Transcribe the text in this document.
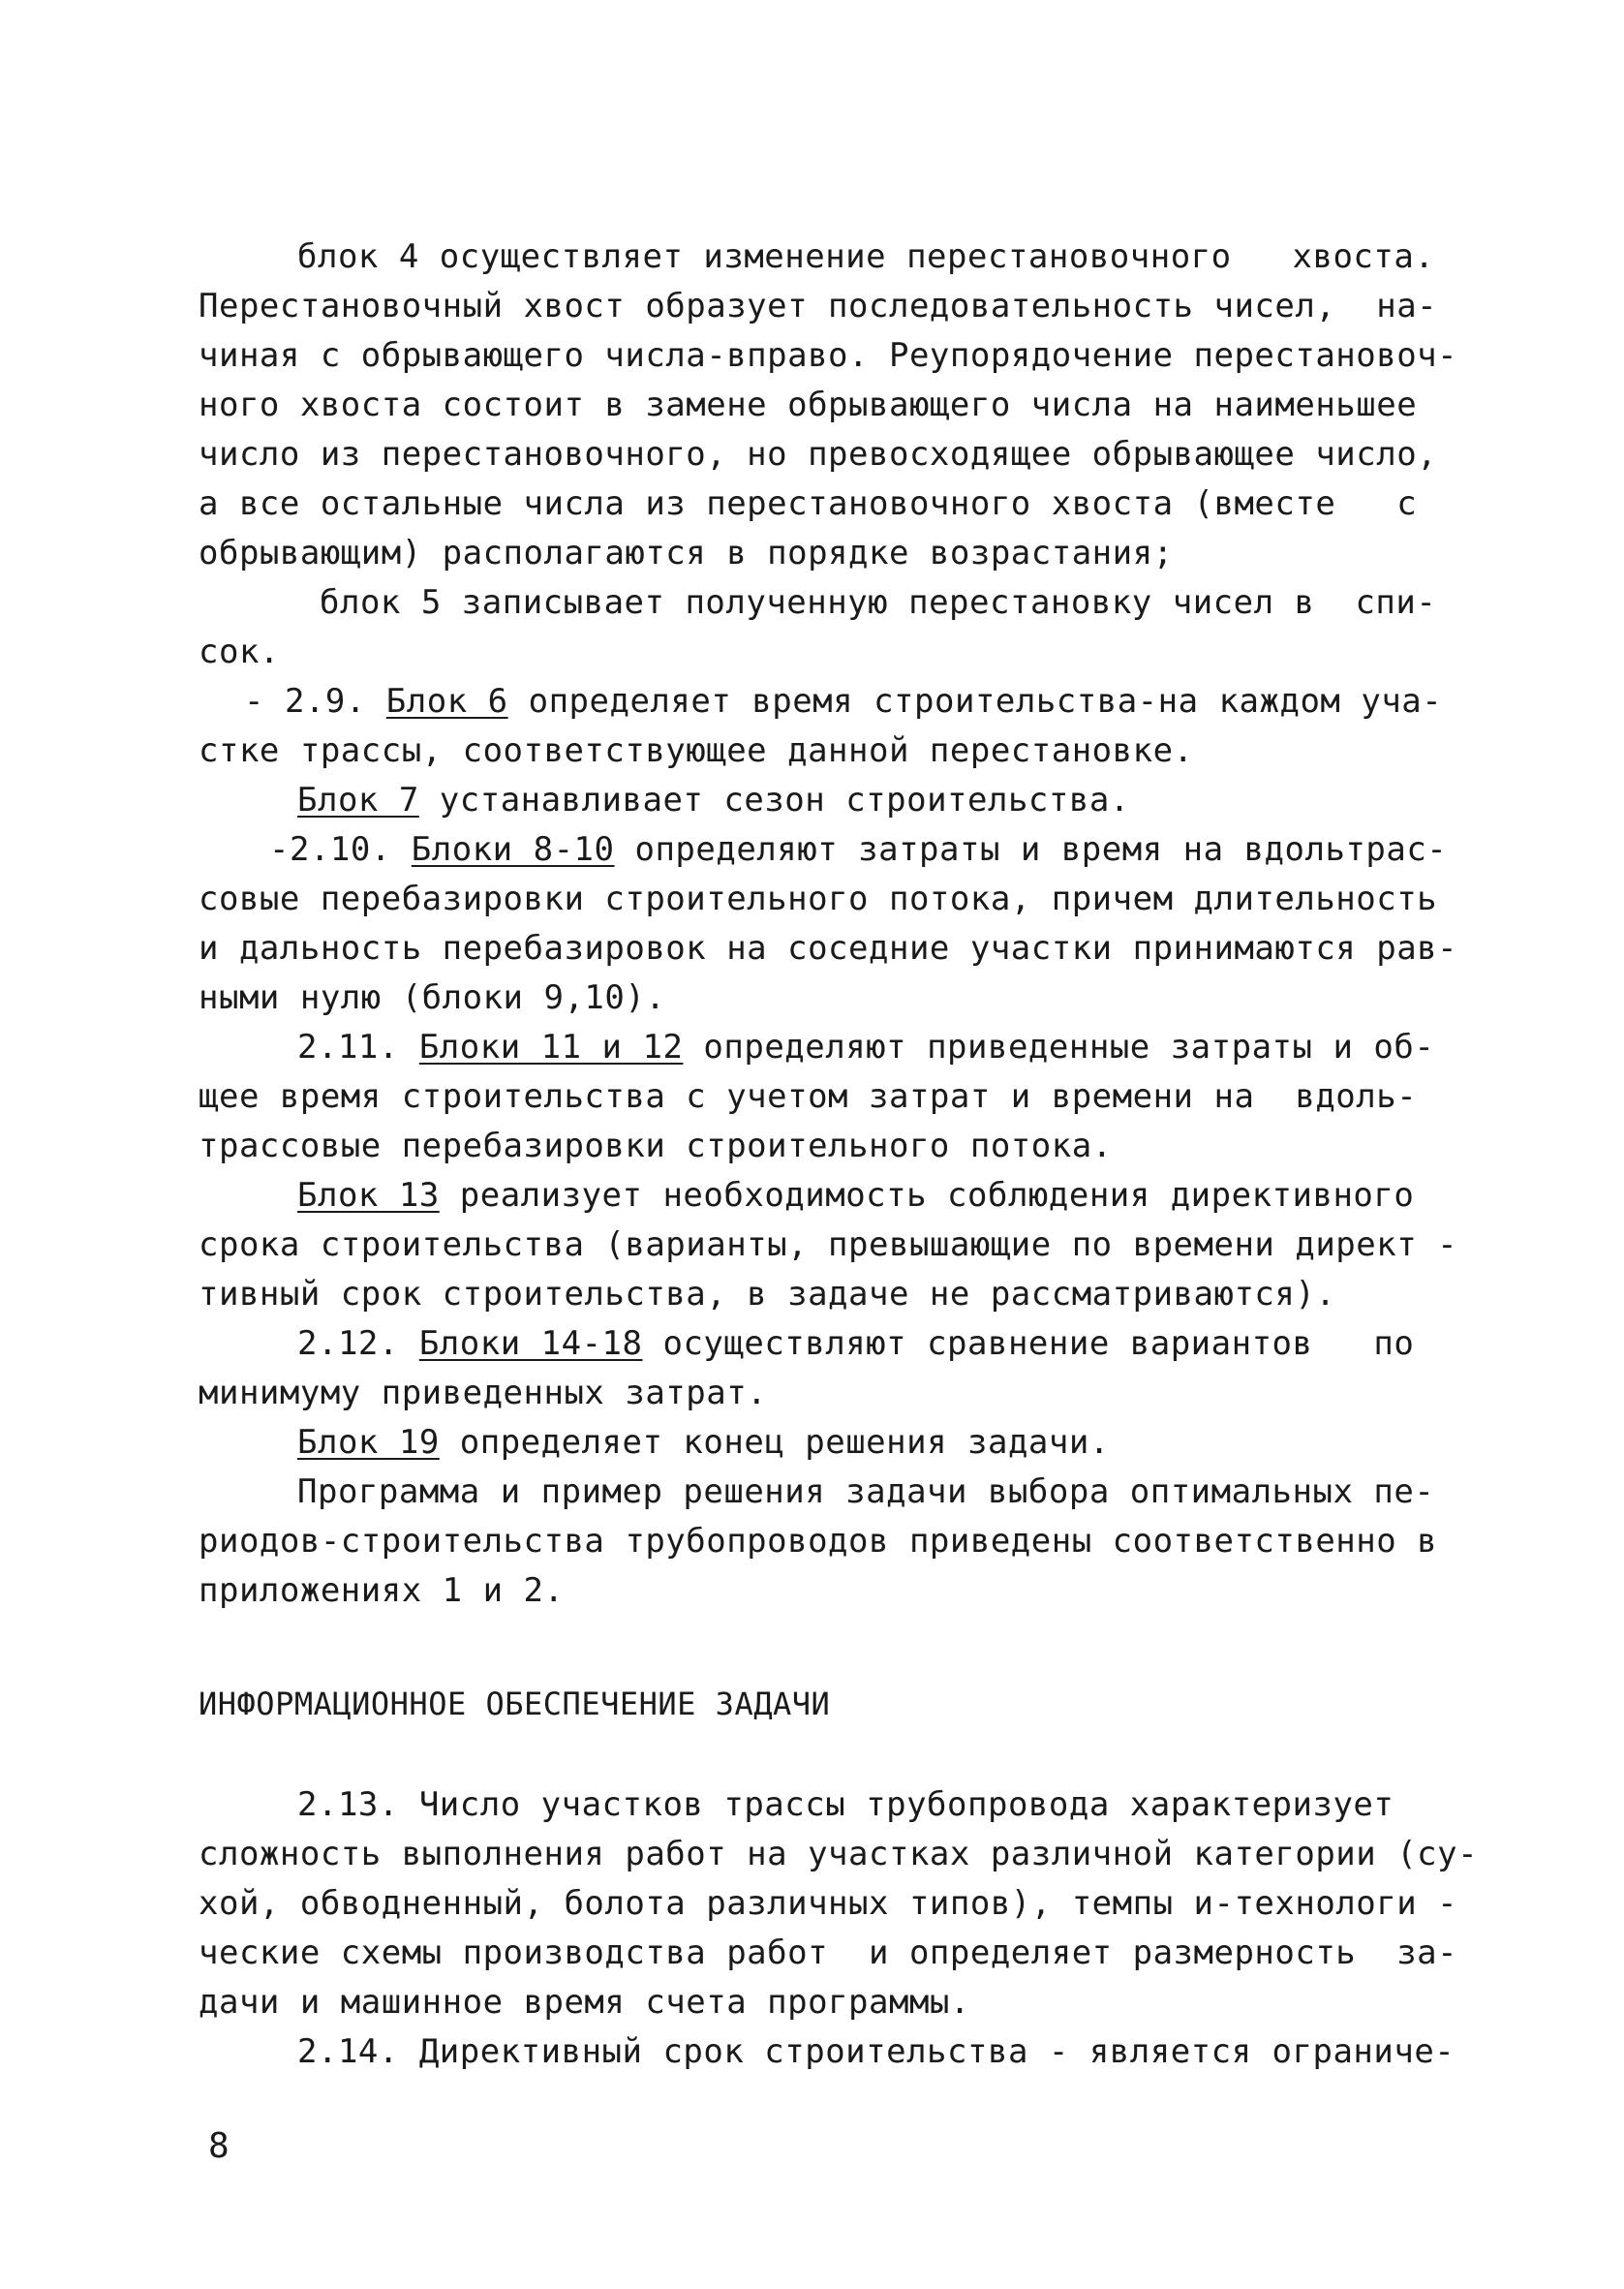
блок 4 осуществляет изменение перестановочного   хвоста.
Перестановочный хвост образует последовательность чисел,  на-
чиная с обрывающего числа-вправо. Реупорядочение перестановоч-
ного хвоста состоит в замене обрывающего числа на наименьшее
число из перестановочного, но превосходящее обрывающее число,
а все остальные числа из перестановочного хвоста (вместе   с
обрывающим) располагаются в порядке возрастания;
блок 5 записывает полученную перестановку чисел в  спи-
сок.
- 2.9. Блок 6 определяет время строительства-на каждом уча-
стке трассы, соответствующее данной перестановке.
Блок 7 устанавливает сезон строительства.
-2.10. Блоки 8-10 определяют затраты и время на вдольтрас-
совые перебазировки строительного потока, причем длительность
и дальность перебазировок на соседние участки принимаются рав-
ными нулю (блоки 9,10).
2.11. Блоки 11 и 12 определяют приведенные затраты и об-
щее время строительства с учетом затрат и времени на  вдоль-
трассовые перебазировки строительного потока.
Блок 13 реализует необходимость соблюдения директивного
срока строительства (варианты, превышающие по времени директ -
тивный срок строительства, в задаче не рассматриваются).
2.12. Блоки 14-18 осуществляют сравнение вариантов   по
минимуму приведенных затрат.
Блок 19 определяет конец решения задачи.
Программа и пример решения задачи выбора оптимальных пе-
риодов-строительства трубопроводов приведены соответственно в
приложениях 1 и 2.
ИНФОРМАЦИОННОЕ ОБЕСПЕЧЕНИЕ ЗАДАЧИ
2.13. Число участков трассы трубопровода характеризует
сложность выполнения работ на участках различной категории (су-
хой, обводненный, болота различных типов), темпы и-технологи -
ческие схемы производства работ  и определяет размерность  за-
дачи и машинное время счета программы.
2.14. Директивный срок строительства - является ограниче-
8
